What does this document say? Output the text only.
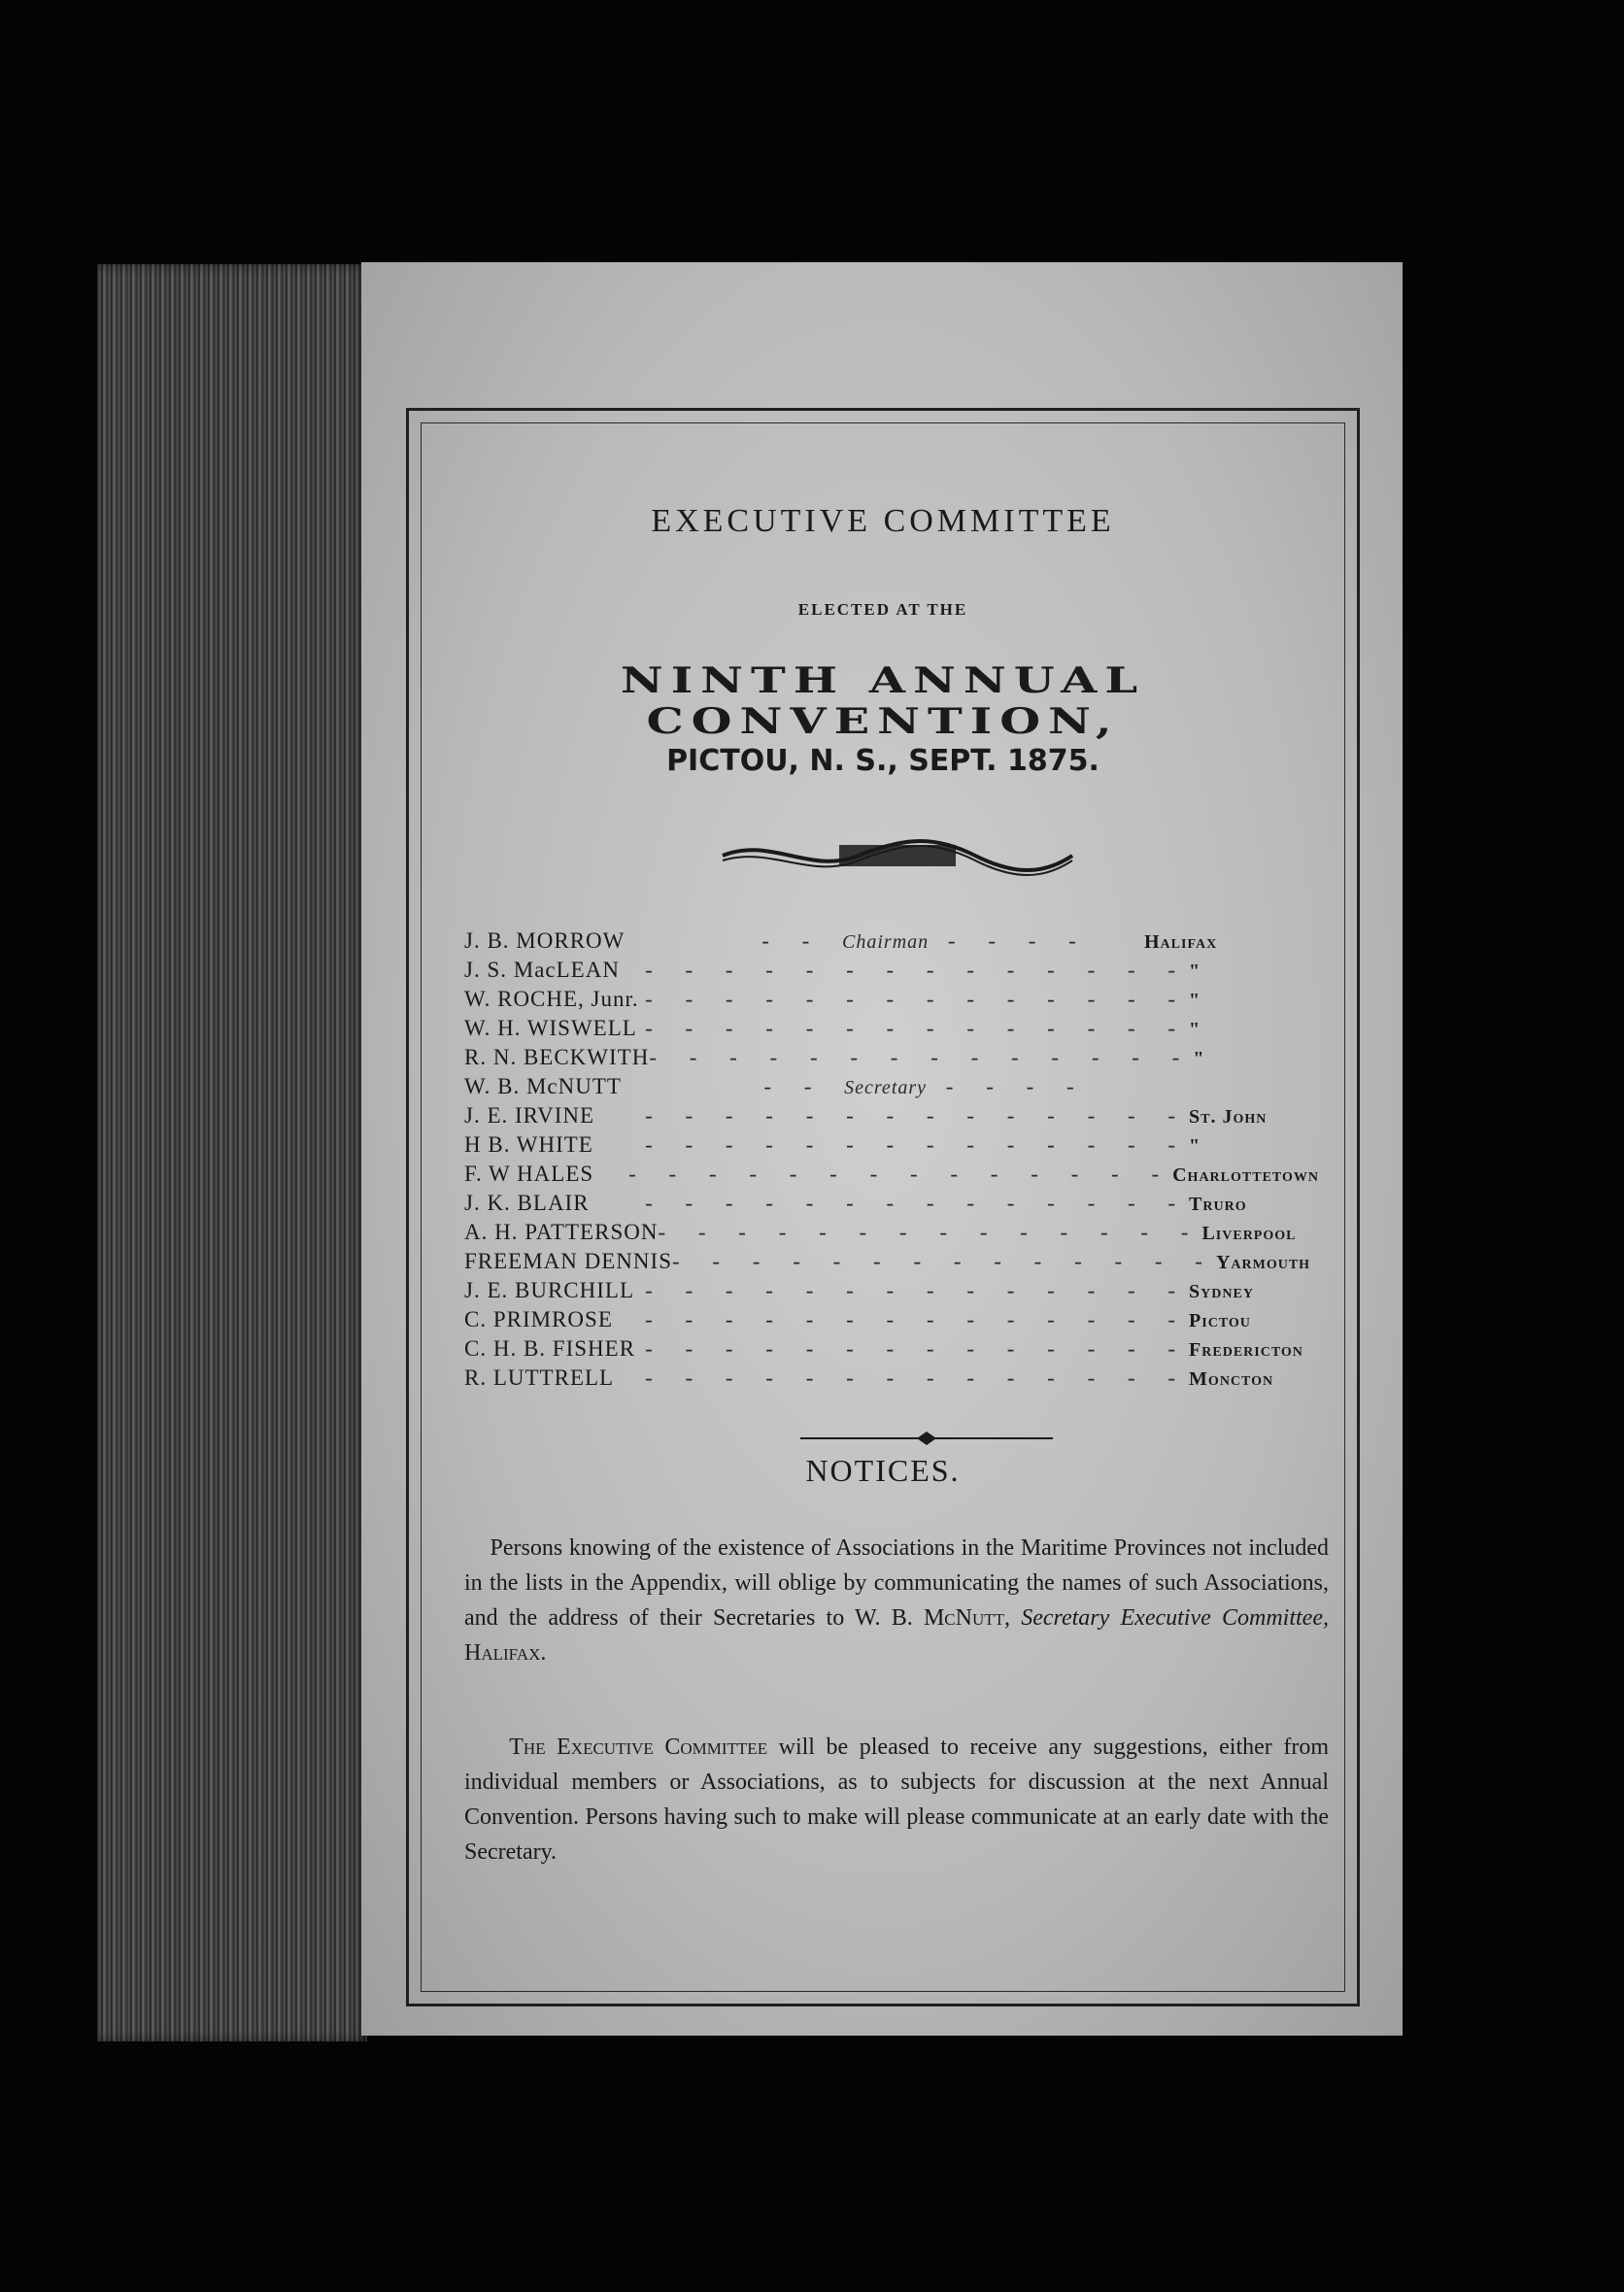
EXECUTIVE COMMITTEE
ELECTED AT THE
NINTH ANNUAL CONVENTION,
PICTOU, N. S., SEPT. 1875.
J. B. MORROW	- - Chairman - - - -	Halifax
J. S. MacLEAN	- - - - - - - - - - - - - - "
W. ROCHE, Junr. - - - - - - - - - - - - - - "
W. H. WISWELL - - - - - - - - - - - - - - "
R. N. BECKWITH - - - - - - - - - - - - - - "
W. B. McNUTT	- - Secretary - - - -
J. E. IRVINE	- - - - - - - - - - - - - - St. John
H B. WHITE	- - - - - - - - - - - - - - "
F. W HALES	- - - - - - - - - - - - - - Charlottetown
J. K. BLAIR	- - - - - - - - - - - - - - Truro
A. H. PATTERSON - - - - - - - - - - - - - - Liverpool
FREEMAN DENNIS - - - - - - - - - - - - - - Yarmouth
J. E. BURCHILL - - - - - - - - - - - - - - Sydney
C. PRIMROSE	- - - - - - - - - - - - - - Pictou
C. H. B. FISHER - - - - - - - - - - - - - - Fredericton
R. LUTTRELL	- - - - - - - - - - - - - - Moncton
NOTICES.
Persons knowing of the existence of Associations in the Maritime Provinces not included in the lists in the Appendix, will oblige by communicating the names of such Associations, and the address of their Secretaries to W. B. McNutt, Secretary Executive Committee, Halifax.
The Executive Committee will be pleased to receive any suggestions, either from individual members or Associations, as to subjects for discussion at the next Annual Convention. Persons having such to make will please communicate at an early date with the Secretary.
